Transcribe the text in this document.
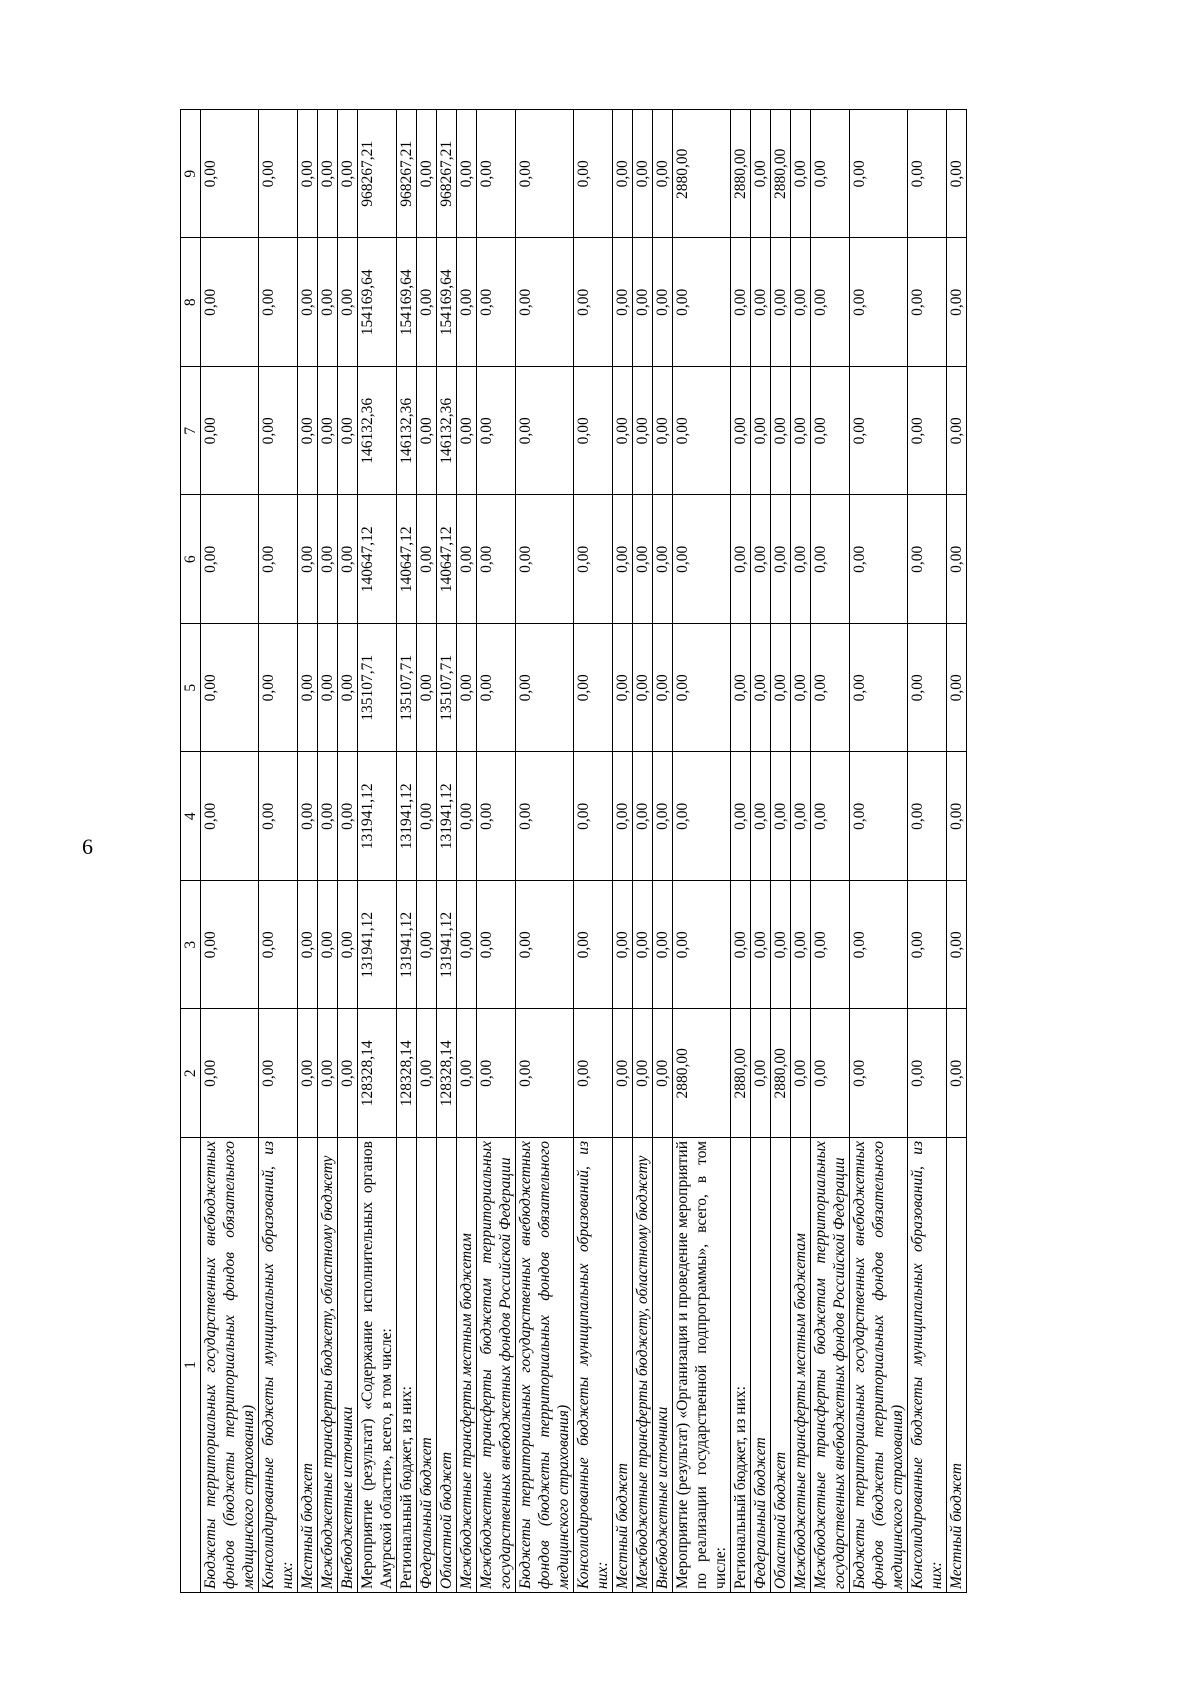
6
1	2	3	4	5	6	7	8	9
Бюджеты территориальных государственных внебюджетных фондов (бюджеты территориальных фондов обязательного медицинского страхования)	0,00	0,00	0,00	0,00	0,00	0,00	0,00	0,00
Консолидированные бюджеты муниципальных образований, из них:	0,00	0,00	0,00	0,00	0,00	0,00	0,00	0,00
Местный бюджет	0,00	0,00	0,00	0,00	0,00	0,00	0,00	0,00
Межбюджетные трансферты бюджету, областному бюджету	0,00	0,00	0,00	0,00	0,00	0,00	0,00	0,00
Внебюджетные источники	0,00	0,00	0,00	0,00	0,00	0,00	0,00	0,00
Мероприятие (результат) «Содержание исполнительных органов Амурской области», всего, в том числе:	128328,14	131941,12	131941,12	135107,71	140647,12	146132,36	154169,64	968267,21
Региональный бюджет, из них:	128328,14	131941,12	131941,12	135107,71	140647,12	146132,36	154169,64	968267,21
Федеральный бюджет	0,00	0,00	0,00	0,00	0,00	0,00	0,00	0,00
Областной бюджет	128328,14	131941,12	131941,12	135107,71	140647,12	146132,36	154169,64	968267,21
Межбюджетные трансферты местным бюджетам	0,00	0,00	0,00	0,00	0,00	0,00	0,00	0,00
Межбюджетные трансферты бюджетам территориальных государственных внебюджетных фондов Российской Федерации	0,00	0,00	0,00	0,00	0,00	0,00	0,00	0,00
Бюджеты территориальных государственных внебюджетных фондов (бюджеты территориальных фондов обязательного медицинского страхования)	0,00	0,00	0,00	0,00	0,00	0,00	0,00	0,00
Консолидированные бюджеты муниципальных образований, из них:	0,00	0,00	0,00	0,00	0,00	0,00	0,00	0,00
Местный бюджет	0,00	0,00	0,00	0,00	0,00	0,00	0,00	0,00
Межбюджетные трансферты бюджету, областному бюджету	0,00	0,00	0,00	0,00	0,00	0,00	0,00	0,00
Внебюджетные источники	0,00	0,00	0,00	0,00	0,00	0,00	0,00	0,00
Мероприятие (результат) «Организация и проведение мероприятий по реализации государственной подпрограммы», всего, в том числе:	2880,00	0,00	0,00	0,00	0,00	0,00	0,00	2880,00
Региональный бюджет, из них:	2880,00	0,00	0,00	0,00	0,00	0,00	0,00	2880,00
Федеральный бюджет	0,00	0,00	0,00	0,00	0,00	0,00	0,00	0,00
Областной бюджет	2880,00	0,00	0,00	0,00	0,00	0,00	0,00	2880,00
Межбюджетные трансферты местным бюджетам	0,00	0,00	0,00	0,00	0,00	0,00	0,00	0,00
Межбюджетные трансферты бюджетам территориальных государственных внебюджетных фондов Российской Федерации	0,00	0,00	0,00	0,00	0,00	0,00	0,00	0,00
Бюджеты территориальных государственных внебюджетных фондов (бюджеты территориальных фондов обязательного медицинского страхования)	0,00	0,00	0,00	0,00	0,00	0,00	0,00	0,00
Консолидированные бюджеты муниципальных образований, из них:	0,00	0,00	0,00	0,00	0,00	0,00	0,00	0,00
Местный бюджет	0,00	0,00	0,00	0,00	0,00	0,00	0,00	0,00
